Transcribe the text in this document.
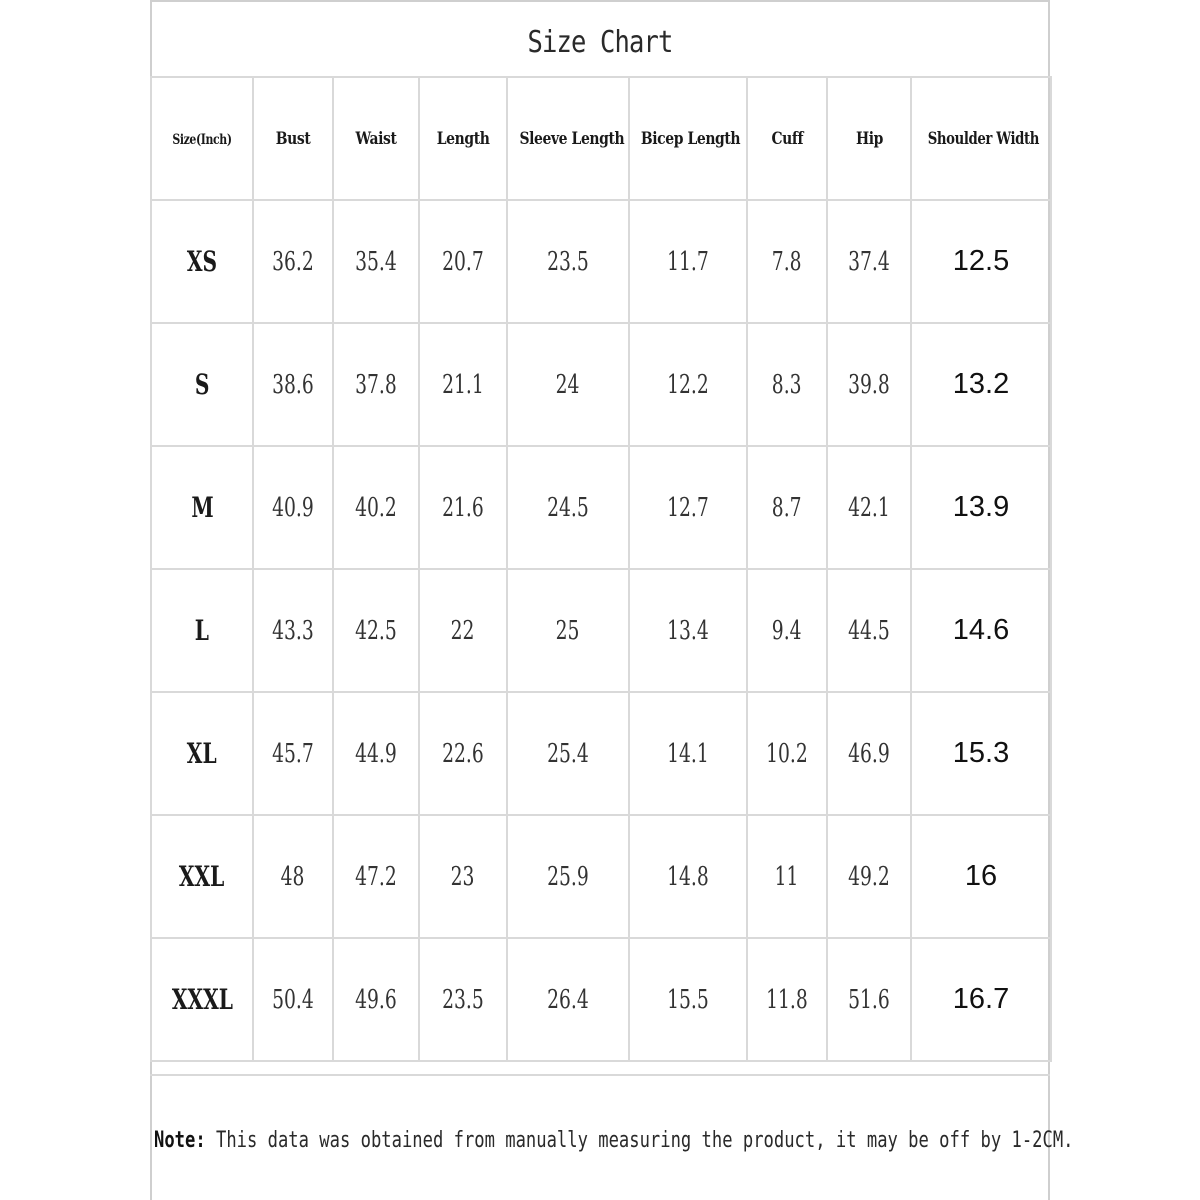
Size Chart
Size(Inch)	Bust	Waist	Length	Sleeve Length	Bicep Length	Cuff	Hip	Shoulder Width
XS	36.2	35.4	20.7	23.5	11.7	7.8	37.4	12.5
S	38.6	37.8	21.1	24	12.2	8.3	39.8	13.2
M	40.9	40.2	21.6	24.5	12.7	8.7	42.1	13.9
L	43.3	42.5	22	25	13.4	9.4	44.5	14.6
XL	45.7	44.9	22.6	25.4	14.1	10.2	46.9	15.3
XXL	48	47.2	23	25.9	14.8	11	49.2	16
XXXL	50.4	49.6	23.5	26.4	15.5	11.8	51.6	16.7
Note: This data was obtained from manually measuring the product, it may be off by 1-2CM.
